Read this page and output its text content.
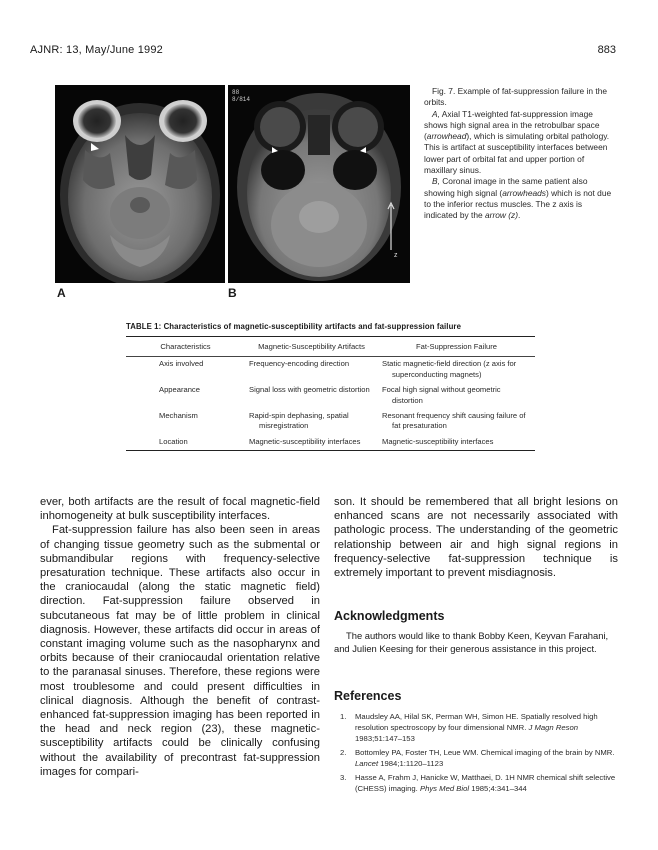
AJNR: 13, May/June 1992	883
z
88
8/814
A	B

Fig. 7. Example of fat-suppression failure in the orbits.

A, Axial T1-weighted fat-suppression image shows high signal area in the retrobulbar space (arrowhead), which is simulating orbital pathology. This is artifact at susceptibility interfaces between lower part of orbital fat and upper portion of maxillary sinus.

B, Coronal image in the same patient also showing high signal (arrowheads) which is not due to the inferior rectus muscles. The z axis is indicated by the arrow (z).

TABLE 1: Characteristics of magnetic-susceptibility artifacts and fat-suppression failure
Characteristics	Magnetic-Susceptibility Artifacts	Fat-Suppression Failure
Axis involved	Frequency-encoding direction	Static magnetic-field direction (z axis for superconducting magnets)

Appearance	Signal loss with geometric distortion	Focal high signal without geometric distortion

Mechanism	Rapid-spin dephasing, spatial misregistration	Resonant frequency shift causing failure of fat presaturation

Location	Magnetic-susceptibility interfaces	Magnetic-susceptibility interfaces

ever, both artifacts are the result of focal magnetic-field inhomogeneity at bulk susceptibility interfaces.

Fat-suppression failure has also been seen in areas of changing tissue geometry such as the submental or submandibular regions with frequency-selective presaturation technique. These artifacts also occur in the craniocaudal (along the static magnetic field) direction. Fat-suppression failure observed in subcutaneous fat may be of little problem in clinical diagnosis. However, these artifacts did occur in areas of constant imaging volume such as the nasopharynx and orbits because of their craniocaudal orientation relative to the paranasal sinuses. Therefore, these regions were most troublesome and could present difficulties in clinical diagnosis. Although the benefit of contrast-enhanced fat-suppression imaging has been reported in the head and neck region (23), these magnetic-susceptibility artifacts could be clinically confusing without the availability of precontrast fat-suppression images for compari-

son. It should be remembered that all bright lesions on enhanced scans are not necessarily associated with pathologic process. The understanding of the geometric relationship between air and high signal regions in frequency-selective fat-suppression technique is extremely important to prevent misdiagnosis.

Acknowledgments

The authors would like to thank Bobby Keen, Keyvan Farahani, and Julien Keesing for their generous assistance in this project.

References
1. Maudsley AA, Hilal SK, Perman WH, Simon HE. Spatially resolved high resolution spectroscopy by four dimensional NMR. J Magn Reson 1983;51:147–153
2. Bottomley PA, Foster TH, Leue WM. Chemical imaging of the brain by NMR. Lancet 1984;1:1120–1123
3. Hasse A, Frahm J, Hanicke W, Matthaei, D. 1H NMR chemical shift selective (CHESS) imaging. Phys Med Biol 1985;4:341–344
